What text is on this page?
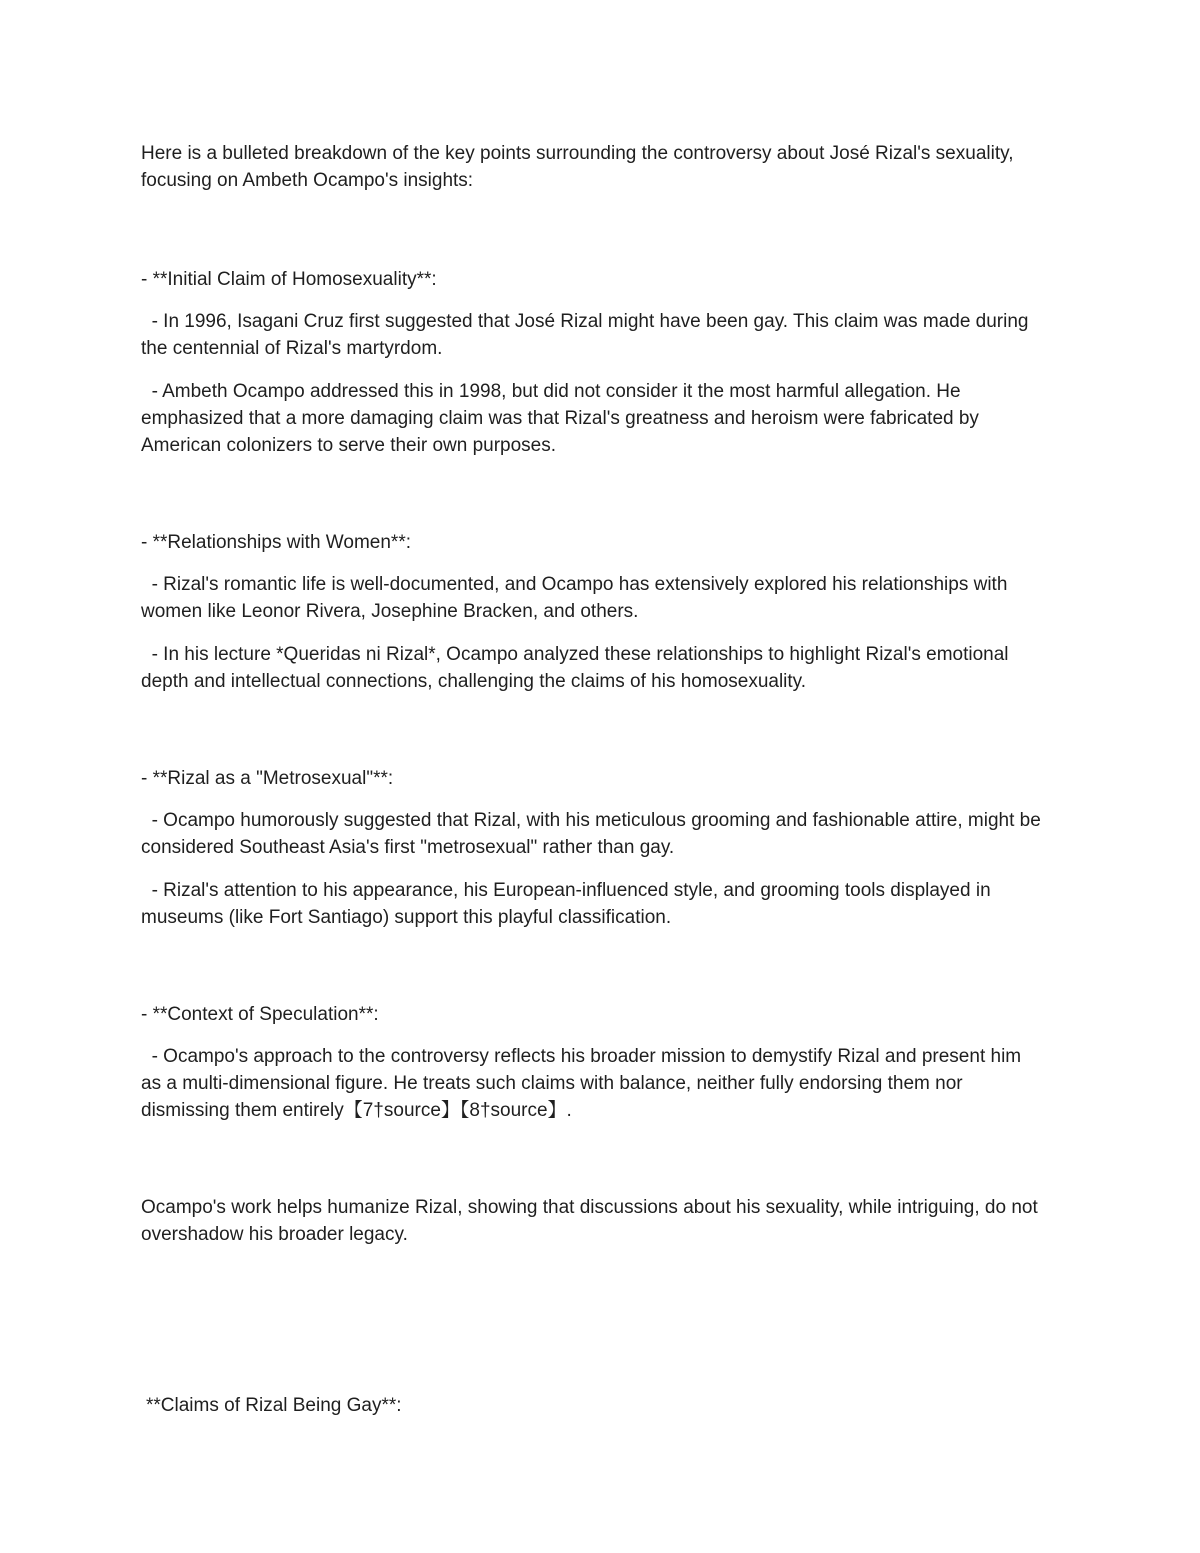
Here is a bulleted breakdown of the key points surrounding the controversy about José Rizal's sexuality, focusing on Ambeth Ocampo's insights:

- **Initial Claim of Homosexuality**:

- In 1996, Isagani Cruz first suggested that José Rizal might have been gay. This claim was made during the centennial of Rizal's martyrdom.

- Ambeth Ocampo addressed this in 1998, but did not consider it the most harmful allegation. He emphasized that a more damaging claim was that Rizal's greatness and heroism were fabricated by American colonizers to serve their own purposes.

- **Relationships with Women**:

- Rizal's romantic life is well-documented, and Ocampo has extensively explored his relationships with women like Leonor Rivera, Josephine Bracken, and others.

- In his lecture *Queridas ni Rizal*, Ocampo analyzed these relationships to highlight Rizal's emotional depth and intellectual connections, challenging the claims of his homosexuality.

- **Rizal as a "Metrosexual"**:

- Ocampo humorously suggested that Rizal, with his meticulous grooming and fashionable attire, might be considered Southeast Asia's first "metrosexual" rather than gay.

- Rizal's attention to his appearance, his European-influenced style, and grooming tools displayed in museums (like Fort Santiago) support this playful classification.

- **Context of Speculation**:

- Ocampo's approach to the controversy reflects his broader mission to demystify Rizal and present him as a multi-dimensional figure. He treats such claims with balance, neither fully endorsing them nor dismissing them entirely【7†source】【8†source】.

Ocampo's work helps humanize Rizal, showing that discussions about his sexuality, while intriguing, do not overshadow his broader legacy.

**Claims of Rizal Being Gay**:
